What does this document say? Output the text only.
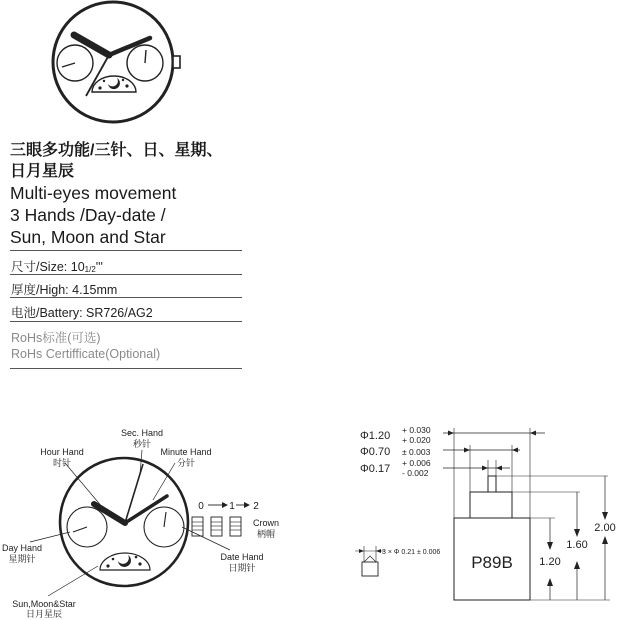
三眼多功能/三针、日、星期、
日月星辰
Multi-eyes movement
3 Hands /Day-date /
Sun, Moon and Star
尺寸/Size: $10_{1/2}'''$
厚度/High: 4.15mm
电池/Battery: SR726/AG2
RoHs标准(可选)
RoHs Certifficate(Optional)
Sec. Hand
秒针
Hour Hand
时针
Minute Hand
分针
Day Hand
星期针	Date Hand
日期针
Sun,Moon&Star
日月星辰
Crown
柄帽
0	1 2
Φ1.20 + 0.030
+ 0.020
Φ0.70 ± 0.003
Φ0.17 + 0.006
- 0.002
P89B 1.20
1.60
2.00
3 × Φ 0.21 ± 0.006
